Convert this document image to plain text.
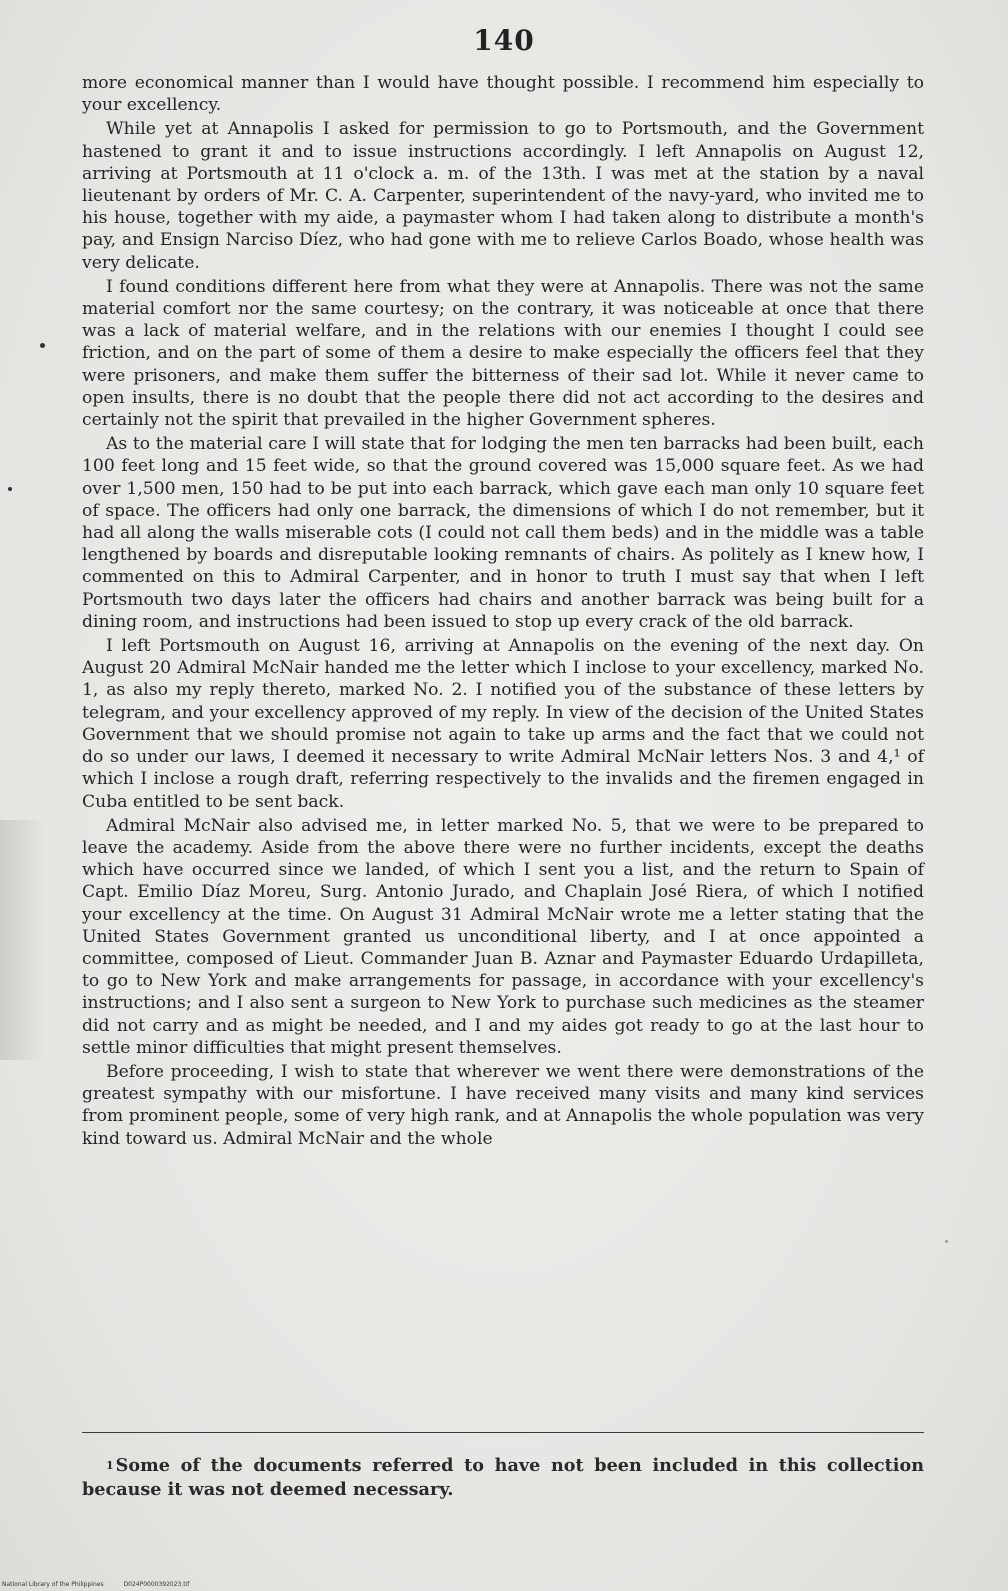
140

more economical manner than I would have thought possible. I recommend him especially to your excellency.

While yet at Annapolis I asked for permission to go to Portsmouth, and the Government hastened to grant it and to issue instructions accordingly. I left Annapolis on August 12, arriving at Portsmouth at 11 o'clock a. m. of the 13th. I was met at the station by a naval lieutenant by orders of Mr. C. A. Carpenter, superintendent of the navy-yard, who invited me to his house, together with my aide, a paymaster whom I had taken along to distribute a month's pay, and Ensign Narciso Díez, who had gone with me to relieve Carlos Boado, whose health was very delicate.

I found conditions different here from what they were at Annapolis. There was not the same material comfort nor the same courtesy; on the contrary, it was noticeable at once that there was a lack of material welfare, and in the relations with our enemies I thought I could see friction, and on the part of some of them a desire to make especially the officers feel that they were prisoners, and make them suffer the bitterness of their sad lot. While it never came to open insults, there is no doubt that the people there did not act according to the desires and certainly not the spirit that prevailed in the higher Government spheres.

As to the material care I will state that for lodging the men ten barracks had been built, each 100 feet long and 15 feet wide, so that the ground covered was 15,000 square feet. As we had over 1,500 men, 150 had to be put into each barrack, which gave each man only 10 square feet of space. The officers had only one barrack, the dimensions of which I do not remember, but it had all along the walls miserable cots (I could not call them beds) and in the middle was a table lengthened by boards and disreputable looking remnants of chairs. As politely as I knew how, I commented on this to Admiral Carpenter, and in honor to truth I must say that when I left Portsmouth two days later the officers had chairs and another barrack was being built for a dining room, and instructions had been issued to stop up every crack of the old barrack.

I left Portsmouth on August 16, arriving at Annapolis on the evening of the next day. On August 20 Admiral McNair handed me the letter which I inclose to your excellency, marked No. 1, as also my reply thereto, marked No. 2. I notified you of the substance of these letters by telegram, and your excellency approved of my reply. In view of the decision of the United States Government that we should promise not again to take up arms and the fact that we could not do so under our laws, I deemed it necessary to write Admiral McNair letters Nos. 3 and 4,¹ of which I inclose a rough draft, referring respectively to the invalids and the firemen engaged in Cuba entitled to be sent back.

Admiral McNair also advised me, in letter marked No. 5, that we were to be prepared to leave the academy. Aside from the above there were no further incidents, except the deaths which have occurred since we landed, of which I sent you a list, and the return to Spain of Capt. Emilio Díaz Moreu, Surg. Antonio Jurado, and Chaplain José Riera, of which I notified your excellency at the time. On August 31 Admiral McNair wrote me a letter stating that the United States Government granted us unconditional liberty, and I at once appointed a committee, composed of Lieut. Commander Juan B. Aznar and Paymaster Eduardo Urdapilleta, to go to New York and make arrangements for passage, in accordance with your excellency's instructions; and I also sent a surgeon to New York to purchase such medicines as the steamer did not carry and as might be needed, and I and my aides got ready to go at the last hour to settle minor difficulties that might present themselves.

Before proceeding, I wish to state that wherever we went there were demonstrations of the greatest sympathy with our misfortune. I have received many visits and many kind services from prominent people, some of very high rank, and at Annapolis the whole population was very kind toward us. Admiral McNair and the whole

$^1$ Some of the documents referred to have not been included in this collection because it was not deemed necessary.

National Library of the Philippines	D024P0000392023.tif
